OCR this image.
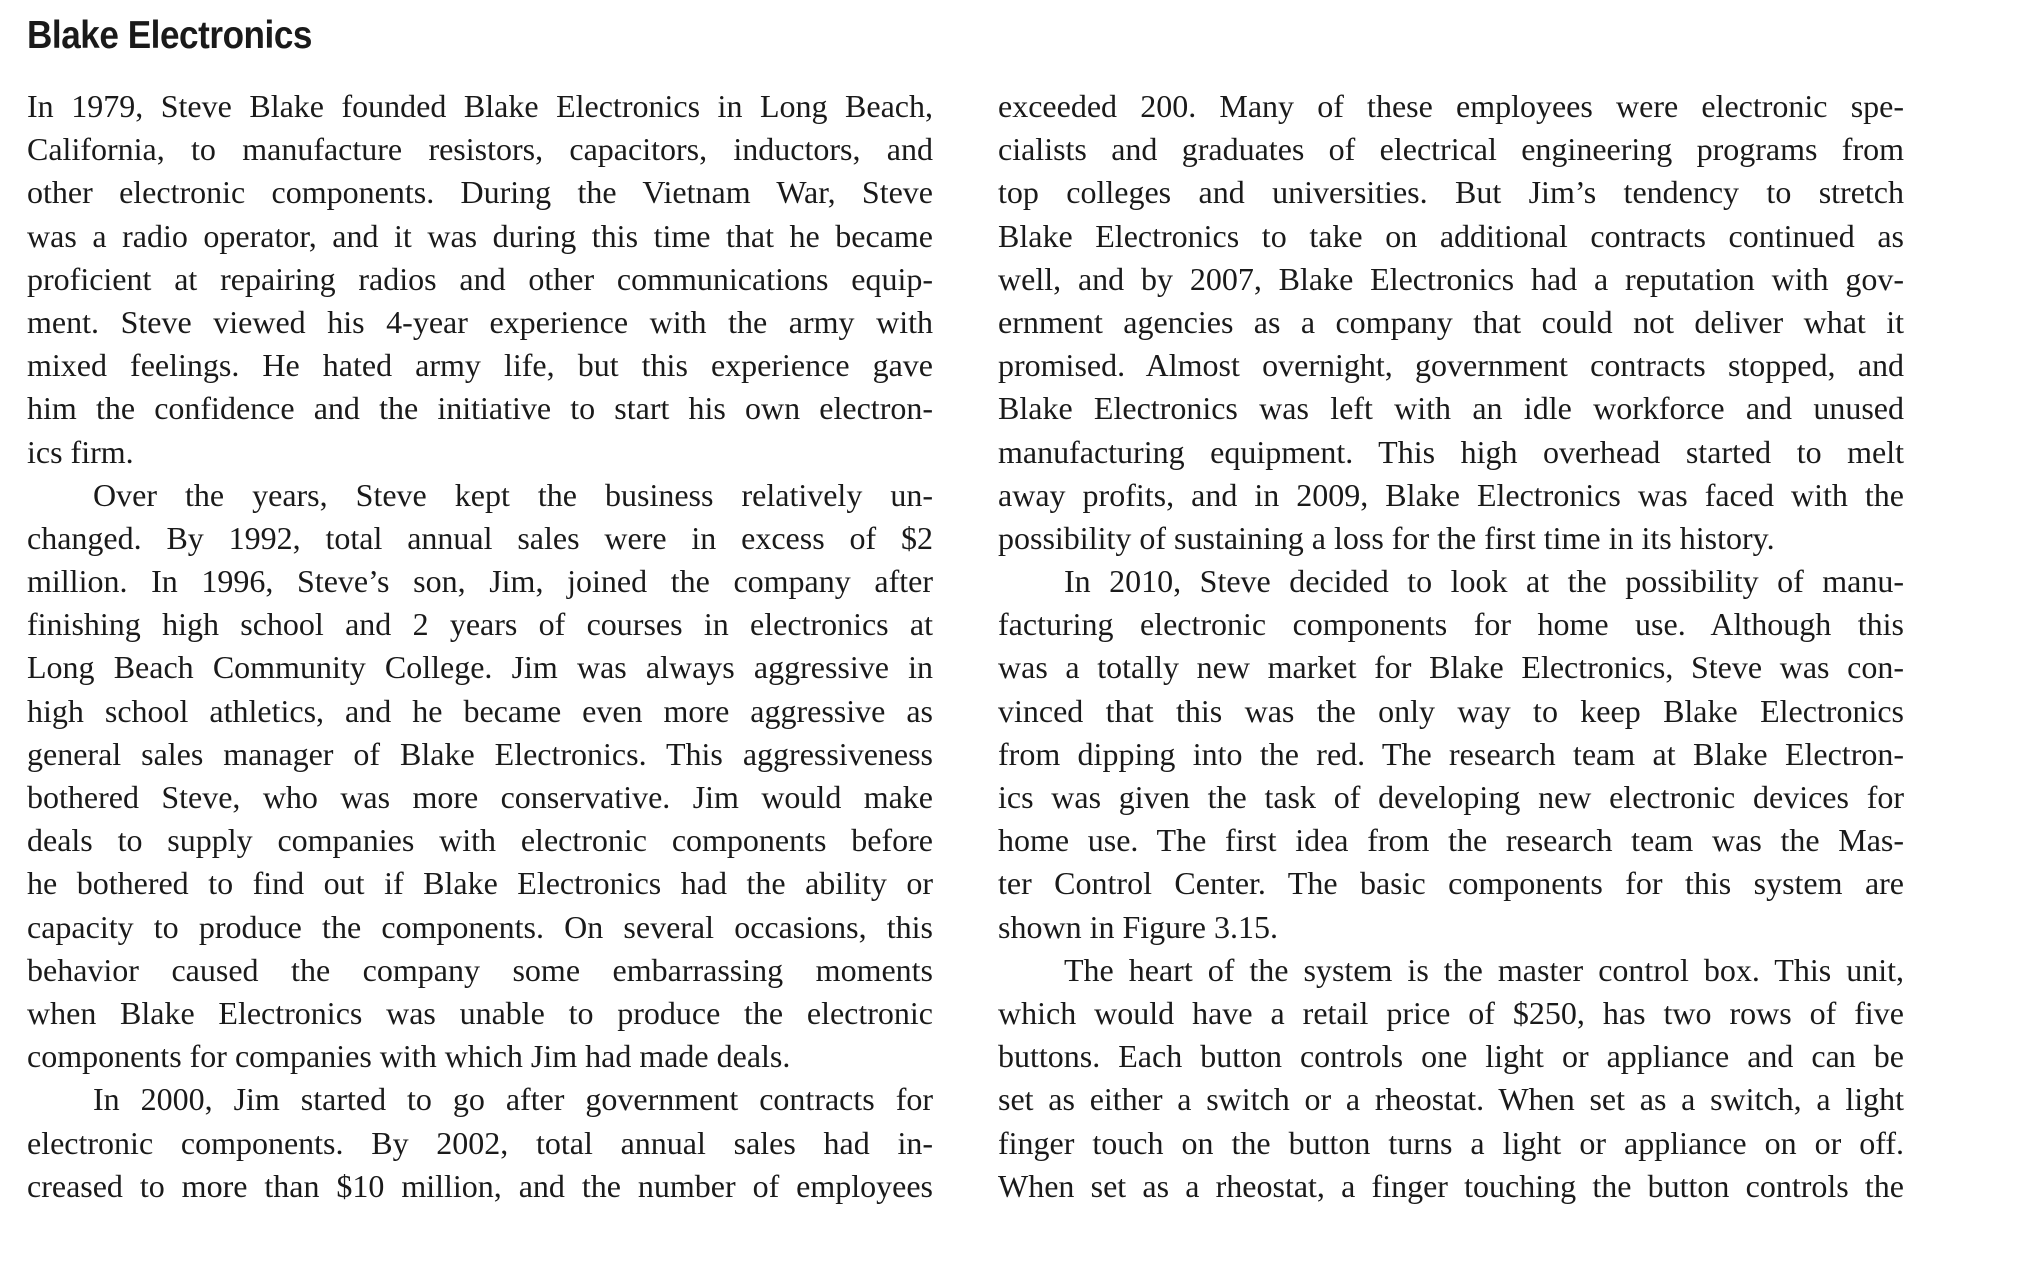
Blake Electronics
In 1979, Steve Blake founded Blake Electronics in Long Beach,
California, to manufacture resistors, capacitors, inductors, and
other electronic components. During the Vietnam War, Steve
was a radio operator, and it was during this time that he became
proficient at repairing radios and other communications equip-
ment. Steve viewed his 4-year experience with the army with
mixed feelings. He hated army life, but this experience gave
him the confidence and the initiative to start his own electron-
ics firm.
Over the years, Steve kept the business relatively un-
changed. By 1992, total annual sales were in excess of $2
million. In 1996, Steve’s son, Jim, joined the company after
finishing high school and 2 years of courses in electronics at
Long Beach Community College. Jim was always aggressive in
high school athletics, and he became even more aggressive as
general sales manager of Blake Electronics. This aggressiveness
bothered Steve, who was more conservative. Jim would make
deals to supply companies with electronic components before
he bothered to find out if Blake Electronics had the ability or
capacity to produce the components. On several occasions, this
behavior caused the company some embarrassing moments
when Blake Electronics was unable to produce the electronic
components for companies with which Jim had made deals.
In 2000, Jim started to go after government contracts for
electronic components. By 2002, total annual sales had in-
creased to more than $10 million, and the number of employees
exceeded 200. Many of these employees were electronic spe-
cialists and graduates of electrical engineering programs from
top colleges and universities. But Jim’s tendency to stretch
Blake Electronics to take on additional contracts continued as
well, and by 2007, Blake Electronics had a reputation with gov-
ernment agencies as a company that could not deliver what it
promised. Almost overnight, government contracts stopped, and
Blake Electronics was left with an idle workforce and unused
manufacturing equipment. This high overhead started to melt
away profits, and in 2009, Blake Electronics was faced with the
possibility of sustaining a loss for the first time in its history.
In 2010, Steve decided to look at the possibility of manu-
facturing electronic components for home use. Although this
was a totally new market for Blake Electronics, Steve was con-
vinced that this was the only way to keep Blake Electronics
from dipping into the red. The research team at Blake Electron-
ics was given the task of developing new electronic devices for
home use. The first idea from the research team was the Mas-
ter Control Center. The basic components for this system are
shown in Figure 3.15.
The heart of the system is the master control box. This unit,
which would have a retail price of $250, has two rows of five
buttons. Each button controls one light or appliance and can be
set as either a switch or a rheostat. When set as a switch, a light
finger touch on the button turns a light or appliance on or off.
When set as a rheostat, a finger touching the button controls the
